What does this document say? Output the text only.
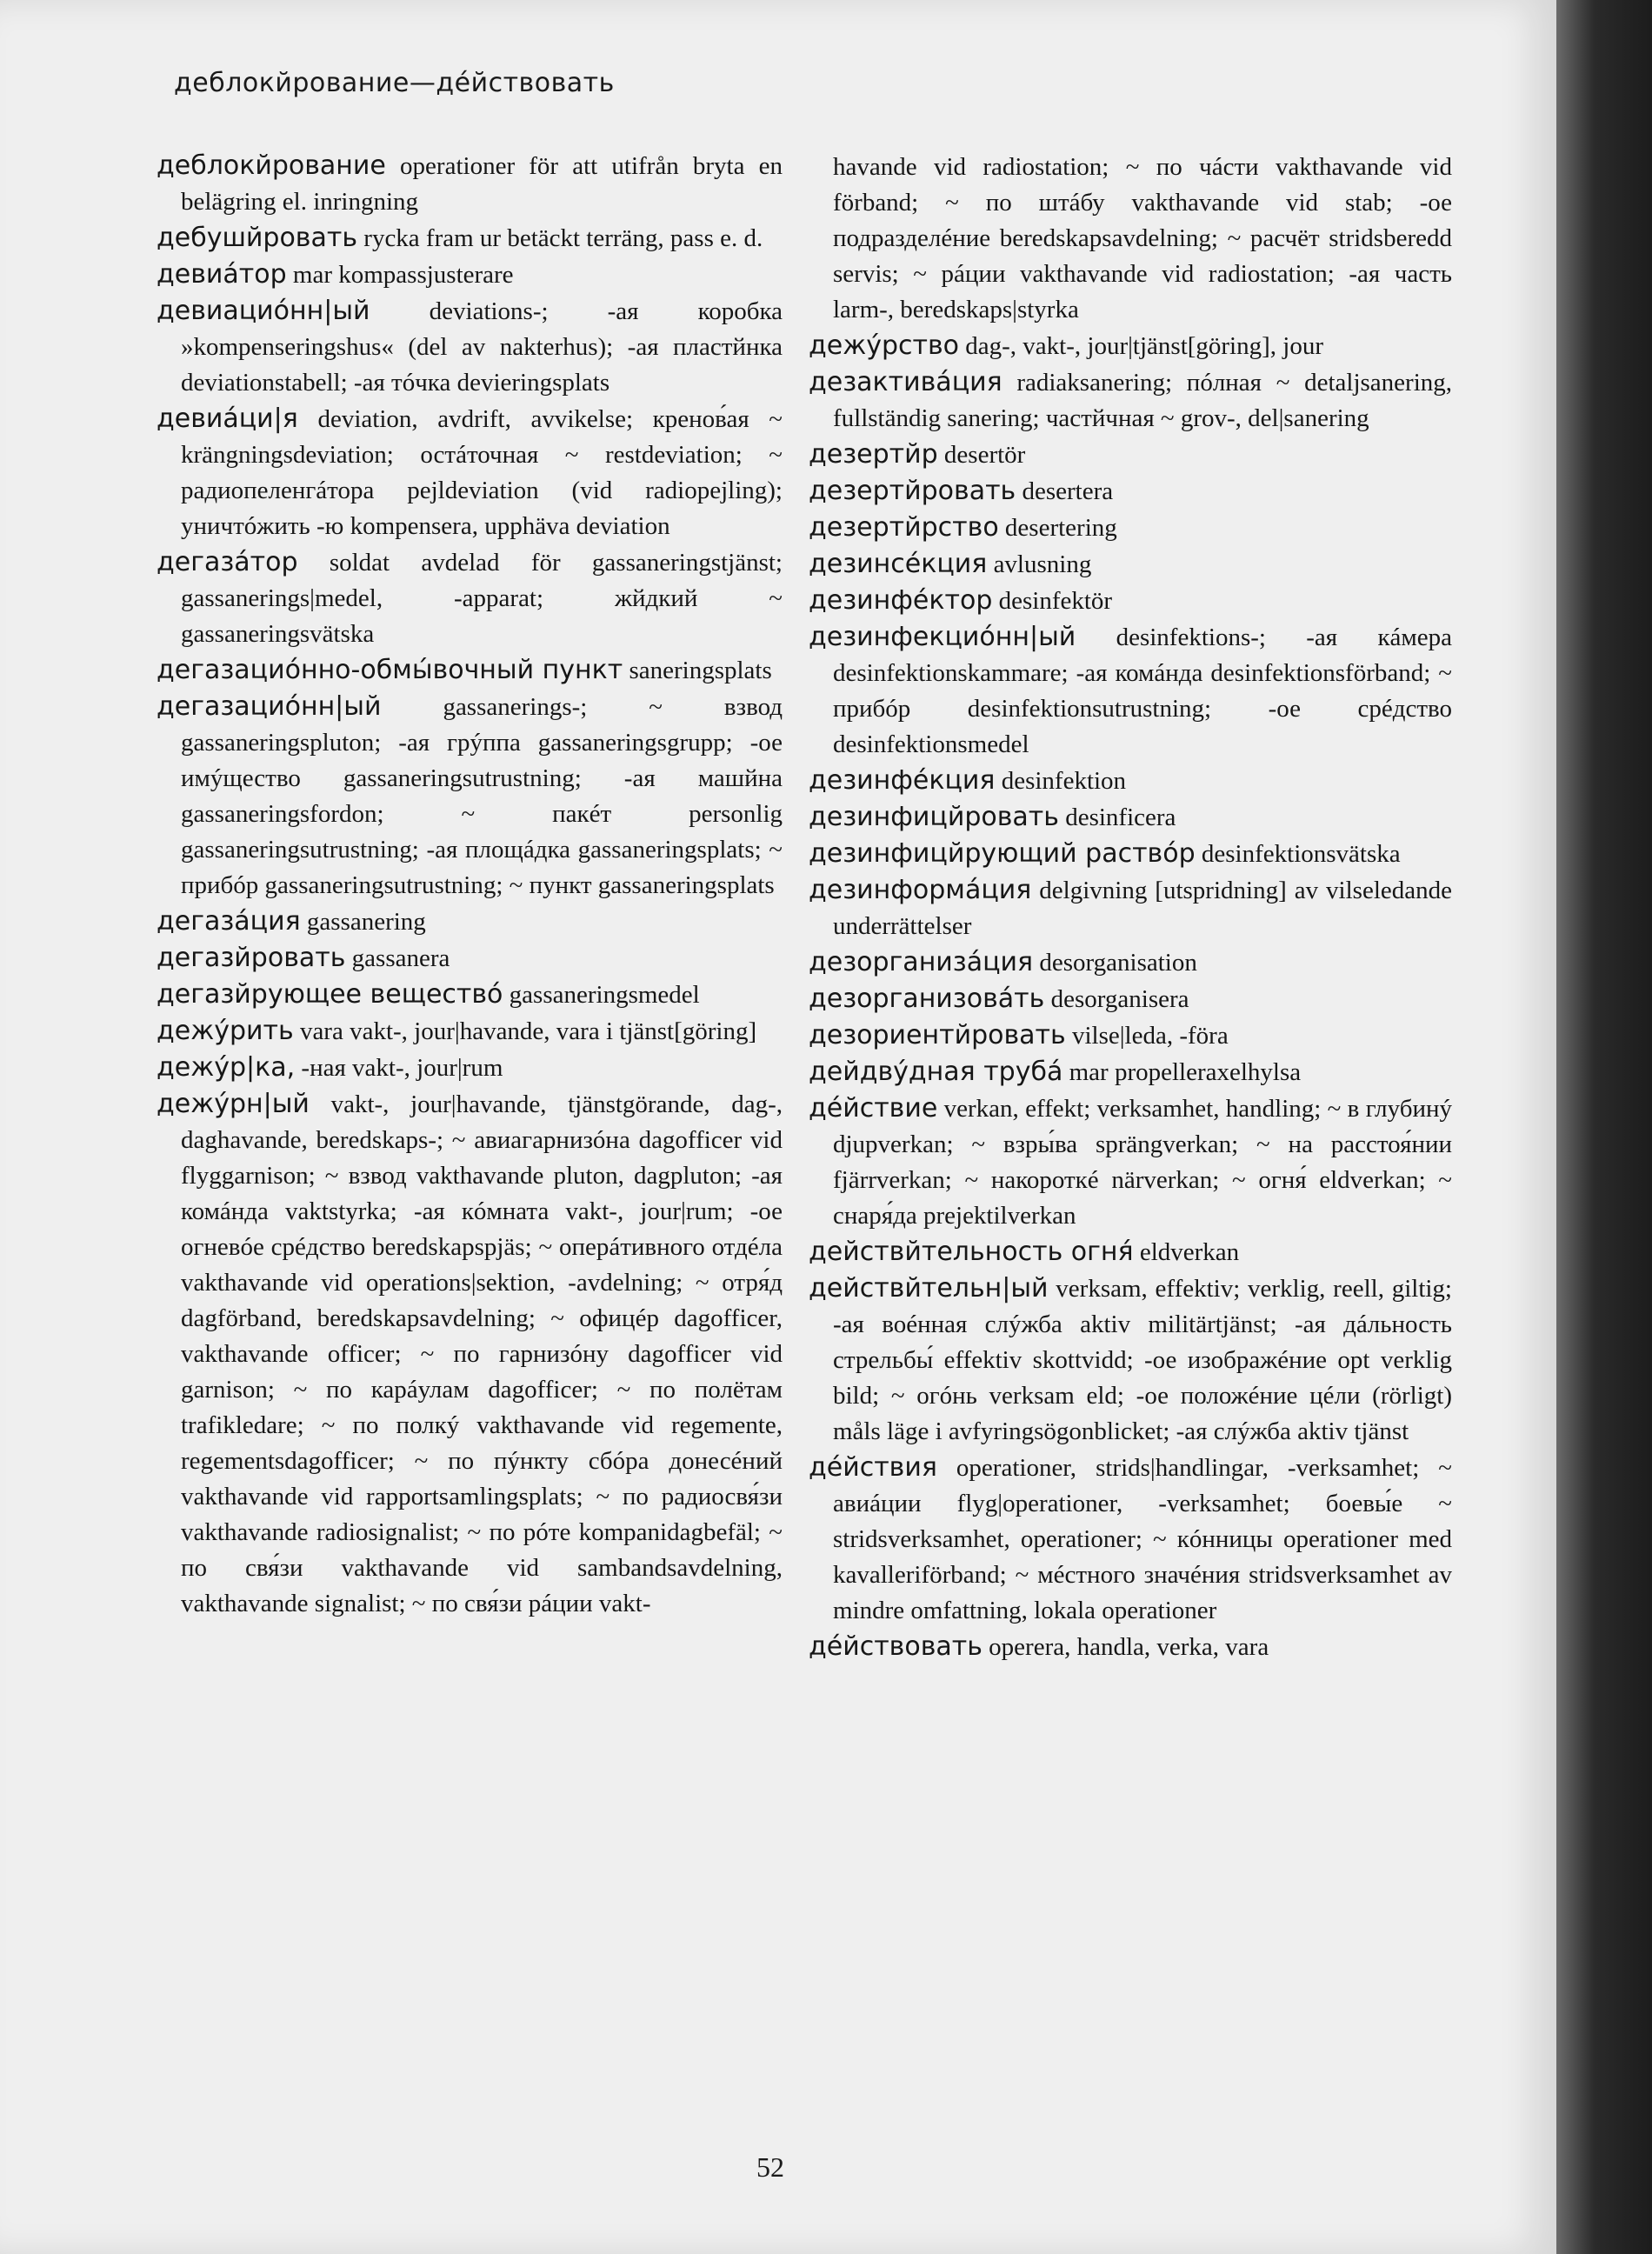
деблокйрование—дéйствовать

деблокйрование operationer för att utifrån bryta en belägring el. inringning

дебушйровать rycka fram ur betäckt terräng, pass e. d.

девиáтор mar kompassjusterare

девиациóнн|ый deviations-; -ая коробка »kompenseringshus« (del av nakterhus); -ая пластйнка deviationstabell; -ая тóчка devieringsplats

девиáци|я deviation, avdrift, avvikelse; кренов́ая ~ krängningsdeviation; остáточная ~ restdeviation; ~ радиопеленгáтора pejldeviation (vid radiopejling); уничтóжить -ю kompensera, upphäva deviation

дегазáтор soldat avdelad för gassaneringstjänst; gassanerings|medel, -apparat; жйдкий ~ gassaneringsvätska

дегазациóнно-обмы́вочный пункт saneringsplats

дегазациóнн|ый gassanerings-; ~ взвод gassaneringspluton; -ая грýппа gassaneringsgrupp; -ое имýщество gassaneringsutrustning; -ая машйна gassaneringsfordon; ~ пакéт personlig gassaneringsutrustning; -ая площáдка gassaneringsplats; ~ прибóр gassaneringsutrustning; ~ пункт gassaneringsplats

дегазáция gassanering

дегазйровать gassanera

дегазйрующее веществó gassaneringsmedel

дежýрить vara vakt-, jour|havande, vara i tjänst[göring]

дежýр|ка, -ная vakt-, jour|rum

дежýрн|ый vakt-, jour|havande, tjänstgörande, dag-, daghavande, beredskaps-; ~ авиагарнизóна dagofficer vid flyggarnison; ~ взвод vakthavande pluton, dagpluton; -ая комáнда vaktstyrka; -ая кóмната vakt-, jour|rum; -ое огневóе срéдство beredskapspjäs; ~ оперáтивного отдéла vakthavande vid operations|sektion, -avdelning; ~ отря́д dagförband, beredskapsavdelning; ~ офицéр dagofficer, vakthavande officer; ~ по гарнизóну dagofficer vid garnison; ~ по карáулам dagofficer; ~ по полётам trafikledare; ~ по полкý vakthavande vid regemente, regementsdagofficer; ~ по пýнкту сбóра донесéний vakthavande vid rapportsamlingsplats; ~ по радиосвя́зи vakthavande radiosignalist; ~ по рóте kompanidagbefäl; ~ по свя́зи vakthavande vid sambandsavdelning, vakthavande signalist; ~ по свя́зи рáции vakt-

havande vid radiostation; ~ по чáсти vakthavande vid förband; ~ по штáбу vakthavande vid stab; -ое подразделéние beredskapsavdelning; ~ расчёт stridsberedd servis; ~ рáции vakthavande vid radiostation; -ая часть larm-, beredskaps|styrka

дежýрство dag-, vakt-, jour|tjänst[göring], jour

дезактивáция radiaksanering; пóлная ~ detaljsanering, fullständig sanering; частйчная ~ grov-, del|sanering

дезертйр desertör

дезертйровать desertera

дезертйрство desertering

дезинсéкция avlusning

дезинфéктор desinfektör

дезинфекциóнн|ый desinfektions-; -ая кáмера desinfektionskammare; -ая комáнда desinfektionsförband; ~ прибóр desinfektionsutrustning; -ое срéдство desinfektionsmedel

дезинфéкция desinfektion

дезинфицйровать desinficera

дезинфицйрующий раствóр desinfektionsvätska

дезинформáция delgivning [utspridning] av vilseledande underrättelser

дезорганизáция desorganisation

дезорганизовáть desorganisera

дезориентйровать vilse|leda, -föra

дейдвýдная трубá mar propelleraxelhylsa

дéйствие verkan, effekt; verksamhet, handling; ~ в глубинý djupverkan; ~ взры́ва sprängverkan; ~ на расстоя́нии fjärrverkan; ~ накороткé närverkan; ~ огня́ eldverkan; ~ снаря́да prejektilverkan

действйтельность огня́ eldverkan

действйтельн|ый verksam, effektiv; verklig, reell, giltig; -ая воéнная слýжба aktiv militärtjänst; -ая дáльность стрельбы́ effektiv skottvidd; -ое изображéние opt verklig bild; ~ огóнь verksam eld; -ое положéние цéли (rörligt) måls läge i avfyringsögonblicket; -ая слýжба aktiv tjänst

дéйствия operationer, strids|handlingar, -verksamhet; ~ авиáции flyg|operationer, -verksamhet; боевы́е ~ stridsverksamhet, operationer; ~ кóнницы operationer med kavalleriförband; ~ мéстного значéния stridsverksamhet av mindre omfattning, lokala operationer

дéйствовать operera, handla, verka, vara

52
